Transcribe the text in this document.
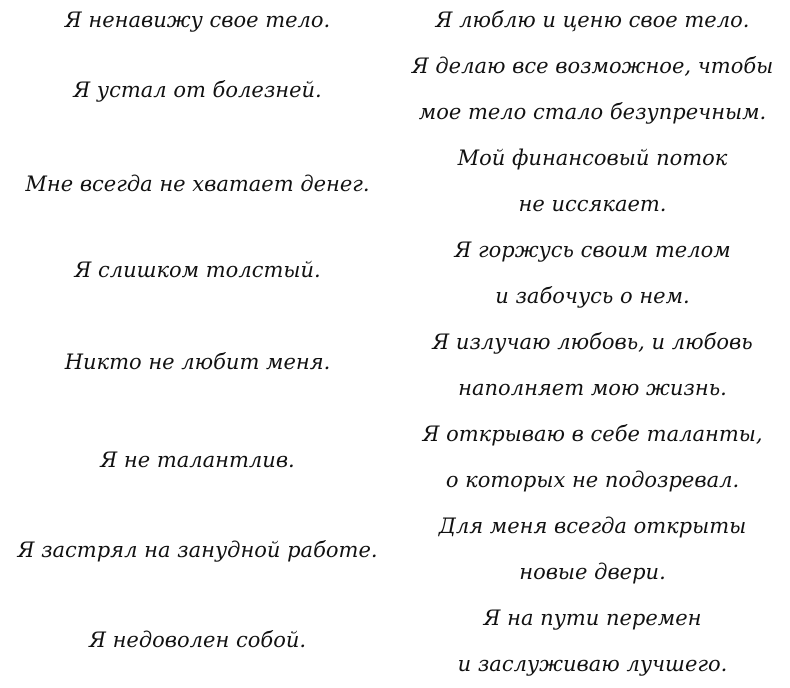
Я ненавижу свое тело.
Я устал от болезней.
Мне всегда не хватает денег.
Я слишком толстый.
Никто не любит меня.
Я не талантлив.
Я застрял на занудной работе.
Я недоволен собой.
Я люблю и ценю свое тело.
Я делаю все возможное, чтобы
мое тело стало безупречным.
Мой финансовый поток
не иссякает.
Я горжусь своим телом
и забочусь о нем.
Я излучаю любовь, и любовь
наполняет мою жизнь.
Я открываю в себе таланты,
о которых не подозревал.
Для меня всегда открыты
новые двери.
Я на пути перемен
и заслуживаю лучшего.
